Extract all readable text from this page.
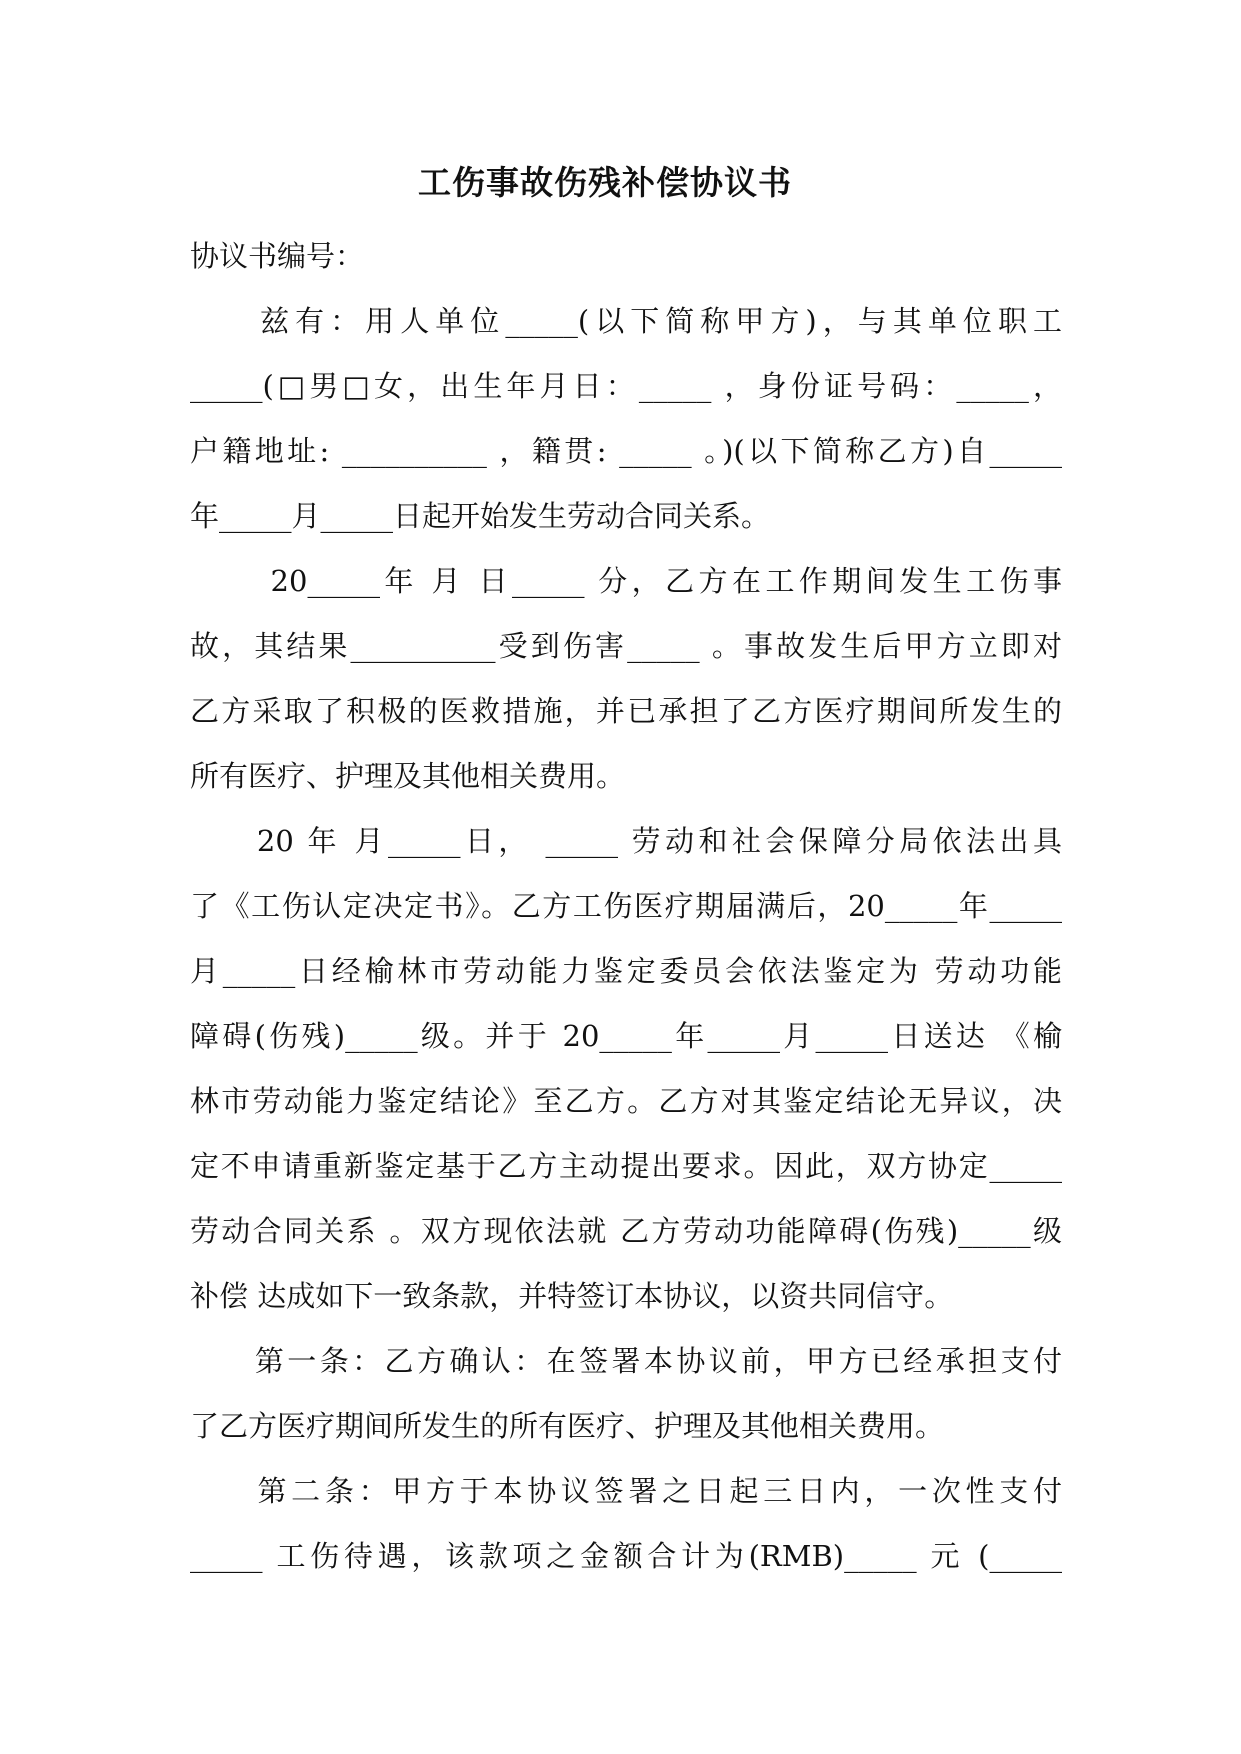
工伤事故伤残补偿协议书

协议书编号：

　　兹有：用人单位_____(以下简称甲方)，与其单位职工

_____(□男□女，出生年月日：_____ ，身份证号码：_____，

户籍地址: __________ ，籍贯: _____ 。)(以下简称乙方)自_____

年_____月_____日起开始发生劳动合同关系。

　　 20_____年 月 日_____ 分，乙方在工作期间发生工伤事

故，其结果__________受到伤害_____ 。事故发生后甲方立即对

乙方采取了积极的医救措施，并已承担了乙方医疗期间所发生的

所有医疗、护理及其他相关费用。

　　20 年 月_____日， _____ 劳动和社会保障分局依法出具

了《工伤认定决定书》。乙方工伤医疗期届满后，20_____年_____

月_____日经榆林市劳动能力鉴定委员会依法鉴定为 劳动功能

障碍(伤残)_____级。并于 20_____年_____月_____日送达 《榆

林市劳动能力鉴定结论》至乙方。乙方对其鉴定结论无异议，决

定不申请重新鉴定基于乙方主动提出要求。因此，双方协定_____

劳动合同关系 。双方现依法就 乙方劳动功能障碍(伤残)_____级

补偿 达成如下一致条款，并特签订本协议，以资共同信守。

　　第一条：乙方确认：在签署本协议前，甲方已经承担支付

了乙方医疗期间所发生的所有医疗、护理及其他相关费用。

　　第二条：甲方于本协议签署之日起三日内，一次性支付

_____ 工伤待遇，该款项之金额合计为(RMB)_____ 元 (_____
